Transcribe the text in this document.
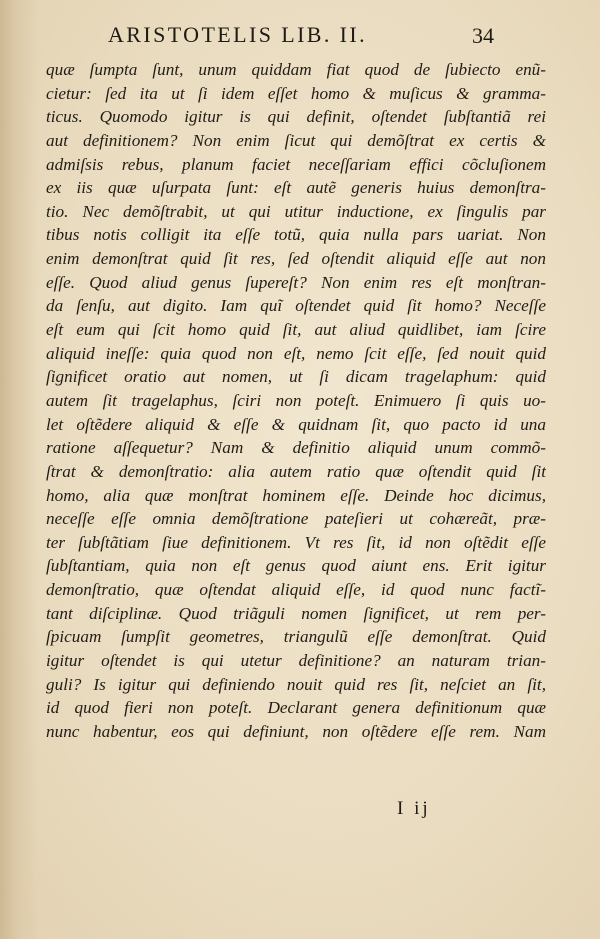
ARISTOTELIS LIB. II.	34
quæ ſumpta ſunt, unum quiddam fiat quod de ſubiecto enũ-
cietur: ſed ita ut ſi idem eſſet homo & muſicus & gramma-
ticus. Quomodo igitur is qui definit, oſtendet ſubſtantiã rei
aut definitionem? Non enim ſicut qui demõſtrat ex certis &
admiſsis rebus, planum faciet neceſſariam effici cõcluſionem
ex iis quæ uſurpata ſunt: eſt autẽ generis huius demonſtra-
tio. Nec demõſtrabit, ut qui utitur inductione, ex ſingulis par
tibus notis colligit ita eſſe totũ, quia nulla pars uariat. Non
enim demonſtrat quid ſit res, ſed oſtendit aliquid eſſe aut non
eſſe. Quod aliud genus ſupereſt? Non enim res eſt monſtran-
da ſenſu, aut digito. Iam quĩ oſtendet quid ſit homo? Neceſſe
eſt eum qui ſcit homo quid ſit, aut aliud quidlibet, iam ſcire
aliquid ineſſe: quia quod non eſt, nemo ſcit eſſe, ſed nouit quid
ſignificet oratio aut nomen, ut ſi dicam tragelaphum: quid
autem ſit tragelaphus, ſciri non poteſt. Enimuero ſi quis uo-
let oſtẽdere aliquid & eſſe & quidnam ſit, quo pacto id una
ratione aſſequetur? Nam & definitio aliquid unum commõ-
ſtrat & demonſtratio: alia autem ratio quæ oſtendit quid ſit
homo, alia quæ monſtrat hominem eſſe. Deinde hoc dicimus,
neceſſe eſſe omnia demõſtratione pateſieri ut cohæreãt, præ-
ter ſubſtãtiam ſiue definitionem. Vt res ſit, id non oſtẽdit eſſe
ſubſtantiam, quia non eſt genus quod aiunt ens. Erit igitur
demonſtratio, quæ oſtendat aliquid eſſe, id quod nunc factĩ-
tant diſciplinæ. Quod triãguli nomen ſignificet, ut rem per-
ſpicuam ſumpſit geometres, triangulũ eſſe demonſtrat. Quid
igitur oſtendet is qui utetur definitione? an naturam trian-
guli? Is igitur qui definiendo nouit quid res ſit, neſciet an ſit,
id quod fieri non poteſt. Declarant genera definitionum quæ
nunc habentur, eos qui definiunt, non oſtẽdere eſſe rem. Nam
I ij
